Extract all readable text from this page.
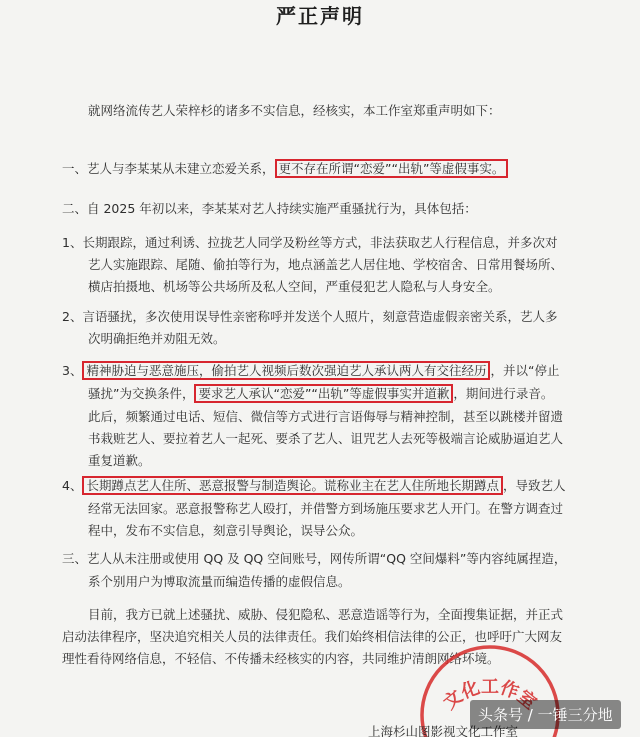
严正声明
就网络流传艺人荣梓杉的诸多不实信息，经核实，本工作室郑重声明如下：
一、艺人与李某某从未建立恋爱关系， 更不存在所谓“恋爱”“出轨”等虚假事实。
二、自 2025 年初以来，李某某对艺人持续实施严重骚扰行为，具体包括：
1、长期跟踪，通过利诱、拉拢艺人同学及粉丝等方式，非法获取艺人行程信息，并多次对
艺人实施跟踪、尾随、偷拍等行为，地点涵盖艺人居住地、学校宿舍、日常用餐场所、
横店拍摄地、机场等公共场所及私人空间，严重侵犯艺人隐私与人身安全。
2、言语骚扰，多次使用误导性亲密称呼并发送个人照片，刻意营造虚假亲密关系，艺人多
次明确拒绝并劝阻无效。
3、 精神胁迫与恶意施压，偷拍艺人视频后数次强迫艺人承认两人有交往经历 ，并以“停止
骚扰”为交换条件， 要求艺人承认“恋爱”“出轨”等虚假事实并道歉 ，期间进行录音。
此后，频繁通过电话、短信、微信等方式进行言语侮辱与精神控制，甚至以跳楼并留遗
书栽赃艺人、要拉着艺人一起死、要杀了艺人、诅咒艺人去死等极端言论威胁逼迫艺人
重复道歉。
4、 长期蹲点艺人住所、恶意报警与制造舆论。谎称业主在艺人住所地长期蹲点 ，导致艺人
经常无法回家。恶意报警称艺人殴打，并借警方到场施压要求艺人开门。在警方调查过
程中，发布不实信息，刻意引导舆论，误导公众。
三、艺人从未注册或使用 QQ 及 QQ 空间账号，网传所谓“QQ 空间爆料”等内容纯属捏造，
系个别用户为博取流量而编造传播的虚假信息。
目前，我方已就上述骚扰、威胁、侵犯隐私、恶意造谣等行为，全面搜集证据，并正式
启动法律程序，坚决追究相关人员的法律责任。我们始终相信法律的公正，也呼吁广大网友
理性看待网络信息，不轻信、不传播未经核实的内容，共同维护清朗网络环境。
文化工作室
上海杉山图影视文化工作室
头条号 / 一锤三分地
